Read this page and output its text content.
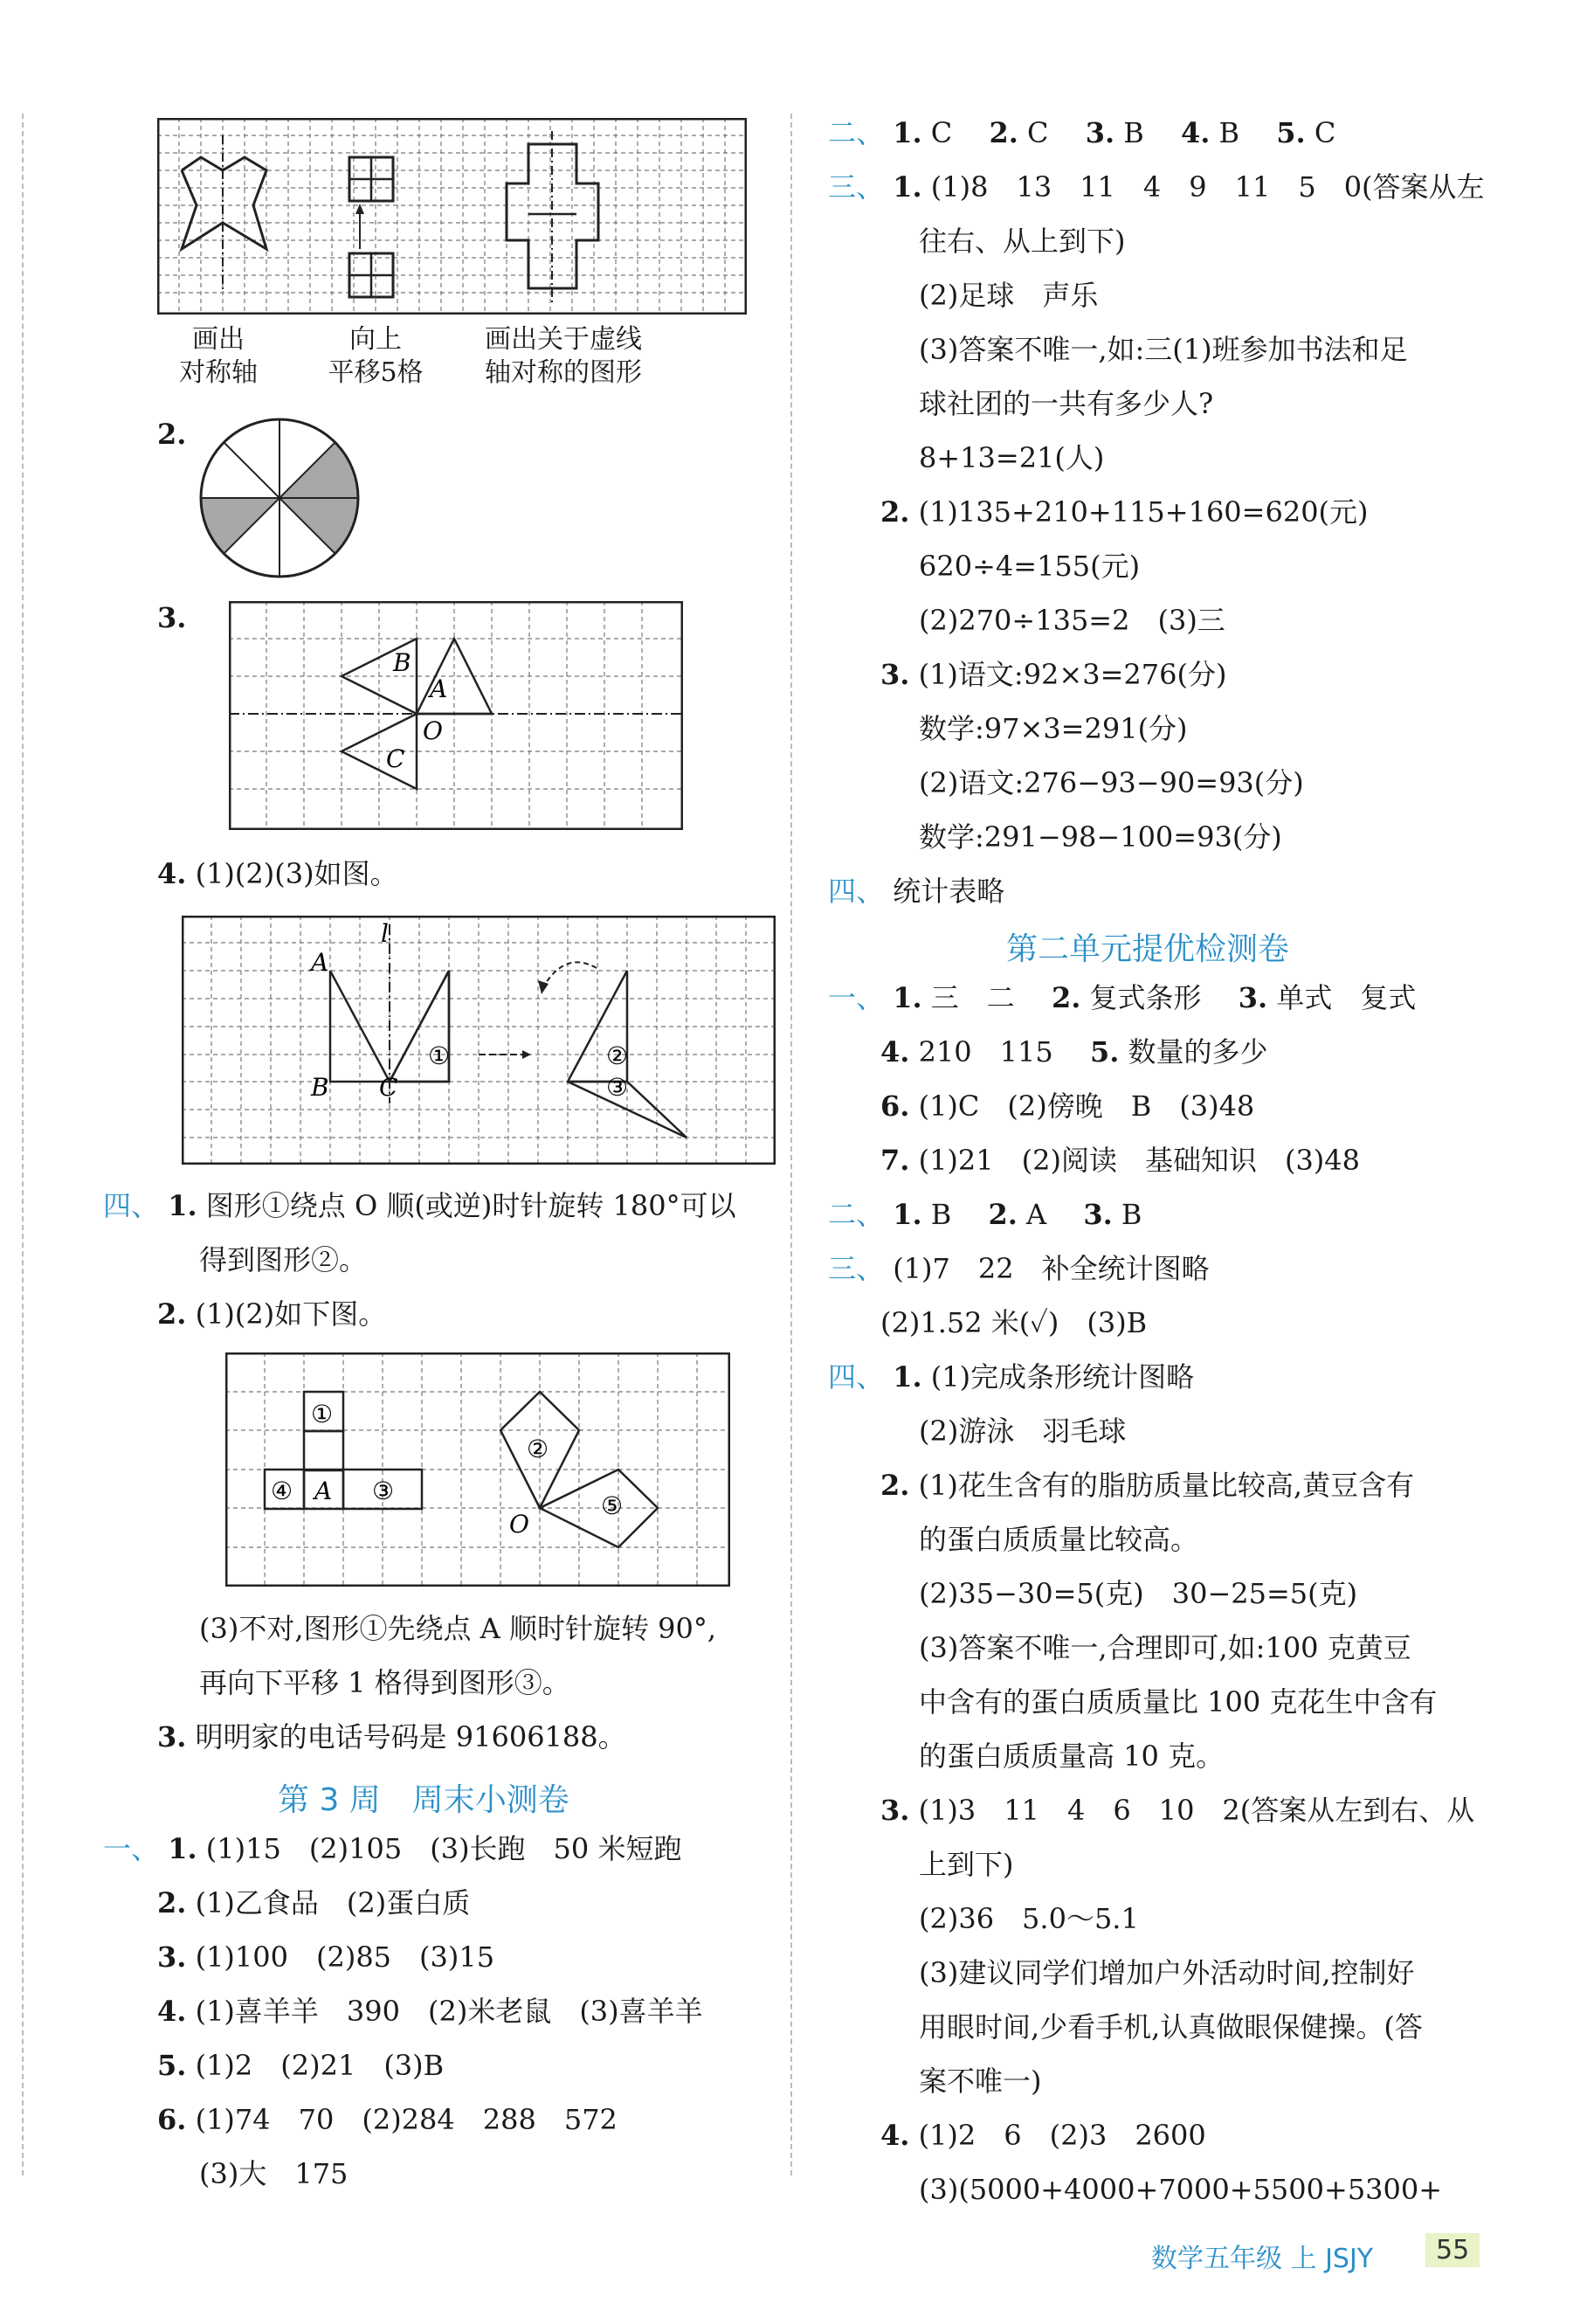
画出
对称轴
向上
平移5格
画出关于虚线
轴对称的图形
2.
3.
B
A
O
C
4. (1)(2)(3)如图。
l
A
B C
①	②
③
四、 1. 图形①绕点 O 顺(或逆)时针旋转 180°可以
得到图形②。
2. (1)(2)如下图。
①
④ A ③
②
⑤
O
(3)不对,图形①先绕点 A 顺时针旋转 90°,
再向下平移 1 格得到图形③。
3. 明明家的电话号码是 91606188。
第 3 周　周末小测卷
一、 1. (1)15　(2)105　(3)长跑　50 米短跑
2. (1)乙食品　(2)蛋白质
3. (1)100　(2)85　(3)15
4. (1)喜羊羊　390　(2)米老鼠　(3)喜羊羊
5. (1)2　(2)21　(3)B
6. (1)74　70　(2)284　288　572
(3)大　175
二、 1. C　 2. C　 3. B　 4. B　 5. C
三、 1. (1)8　13　11　4　9　11　5　0(答案从左
往右、从上到下)
(2)足球　声乐
(3)答案不唯一,如:三(1)班参加书法和足
球社团的一共有多少人?
8+13=21(人)
2. (1)135+210+115+160=620(元)
620÷4=155(元)
(2)270÷135=2　(3)三
3. (1)语文:92×3=276(分)
数学:97×3=291(分)
(2)语文:276−93−90=93(分)
数学:291−98−100=93(分)
四、 统计表略
第二单元提优检测卷
一、 1. 三　二　 2. 复式条形　 3. 单式　复式
4. 210　115　 5. 数量的多少
6. (1)C　(2)傍晚　B　(3)48
7. (1)21　(2)阅读　基础知识　(3)48
二、 1. B　 2. A　 3. B
三、 (1)7　22　补全统计图略
(2)1.52 米(✓)　(3)B
四、 1. (1)完成条形统计图略
(2)游泳　羽毛球
2. (1)花生含有的脂肪质量比较高,黄豆含有
的蛋白质质量比较高。
(2)35−30=5(克)　30−25=5(克)
(3)答案不唯一,合理即可,如:100 克黄豆
中含有的蛋白质质量比 100 克花生中含有
的蛋白质质量高 10 克。
3. (1)3　11　4　6　10　2(答案从左到右、从
上到下)
(2)36　5.0～5.1
(3)建议同学们增加户外活动时间,控制好
用眼时间,少看手机,认真做眼保健操。(答
案不唯一)
4. (1)2　6　(2)3　2600
(3)(5000+4000+7000+5500+5300+
数学五年级 上 JSJY	55
